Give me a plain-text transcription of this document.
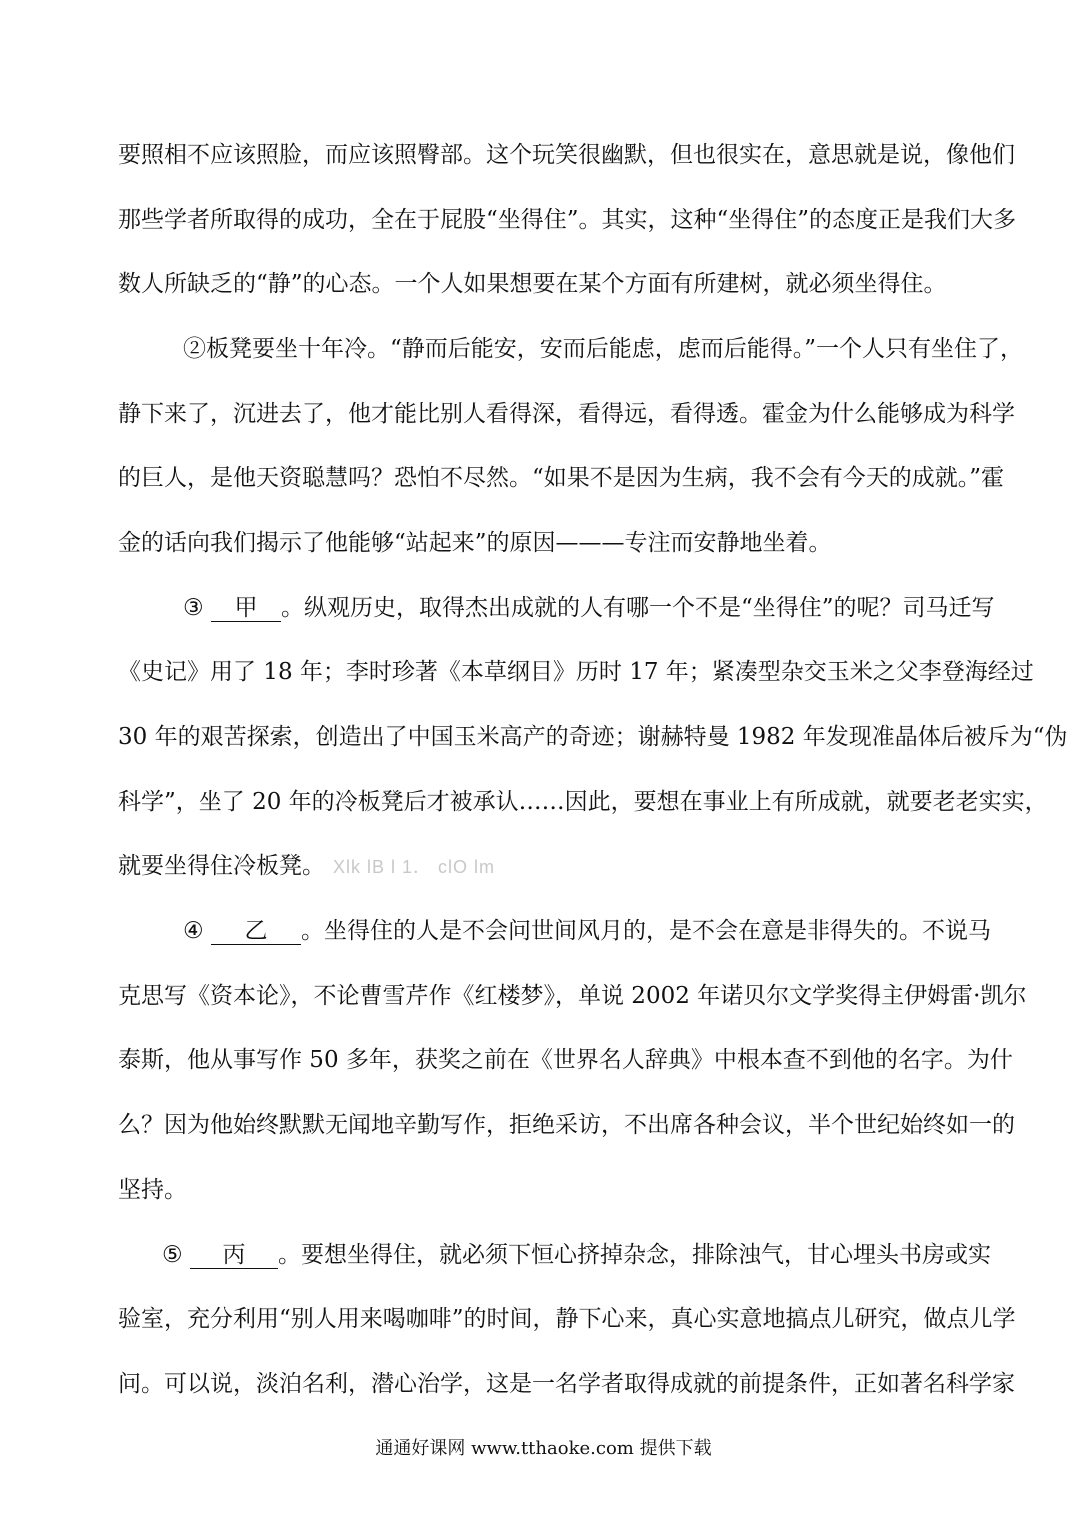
要照相不应该照脸，而应该照臀部。这个玩笑很幽默，但也很实在，意思就是说，像他们
那些学者所取得的成功，全在于屁股“坐得住”。其实，这种“坐得住”的态度正是我们大多
数人所缺乏的“静”的心态。一个人如果想要在某个方面有所建树，就必须坐得住。
②板凳要坐十年冷。“静而后能安，安而后能虑，虑而后能得。”一个人只有坐住了，
静下来了，沉进去了，他才能比别人看得深，看得远，看得透。霍金为什么能够成为科学
的巨人，是他天资聪慧吗？恐怕不尽然。“如果不是因为生病，我不会有今天的成就。”霍
金的话向我们揭示了他能够“站起来”的原因———专注而安静地坐着。
③ 甲 。纵观历史，取得杰出成就的人有哪一个不是“坐得住”的呢？司马迁写
《史记》用了 18 年；李时珍著《本草纲目》历时 17 年；紧凑型杂交玉米之父李登海经过
30 年的艰苦探索，创造出了中国玉米高产的奇迹；谢赫特曼 1982 年发现准晶体后被斥为“伪
科学”，坐了 20 年的冷板凳后才被承认……因此，要想在事业上有所成就，就要老老实实，
就要坐得住冷板凳。 Xlk lB l 1． clO lm
④ 乙 。坐得住的人是不会问世间风月的，是不会在意是非得失的。不说马
克思写《资本论》，不论曹雪芹作《红楼梦》，单说 2002 年诺贝尔文学奖得主伊姆雷·凯尔
泰斯，他从事写作 50 多年，获奖之前在《世界名人辞典》中根本查不到他的名字。为什
么？因为他始终默默无闻地辛勤写作，拒绝采访，不出席各种会议，半个世纪始终如一的
坚持。
⑤ 丙 。要想坐得住，就必须下恒心挤掉杂念，排除浊气，甘心埋头书房或实
验室，充分利用“别人用来喝咖啡”的时间，静下心来，真心实意地搞点儿研究，做点儿学
问。可以说，淡泊名利，潜心治学，这是一名学者取得成就的前提条件，正如著名科学家
通通好课网 www.tthaoke.com 提供下载
